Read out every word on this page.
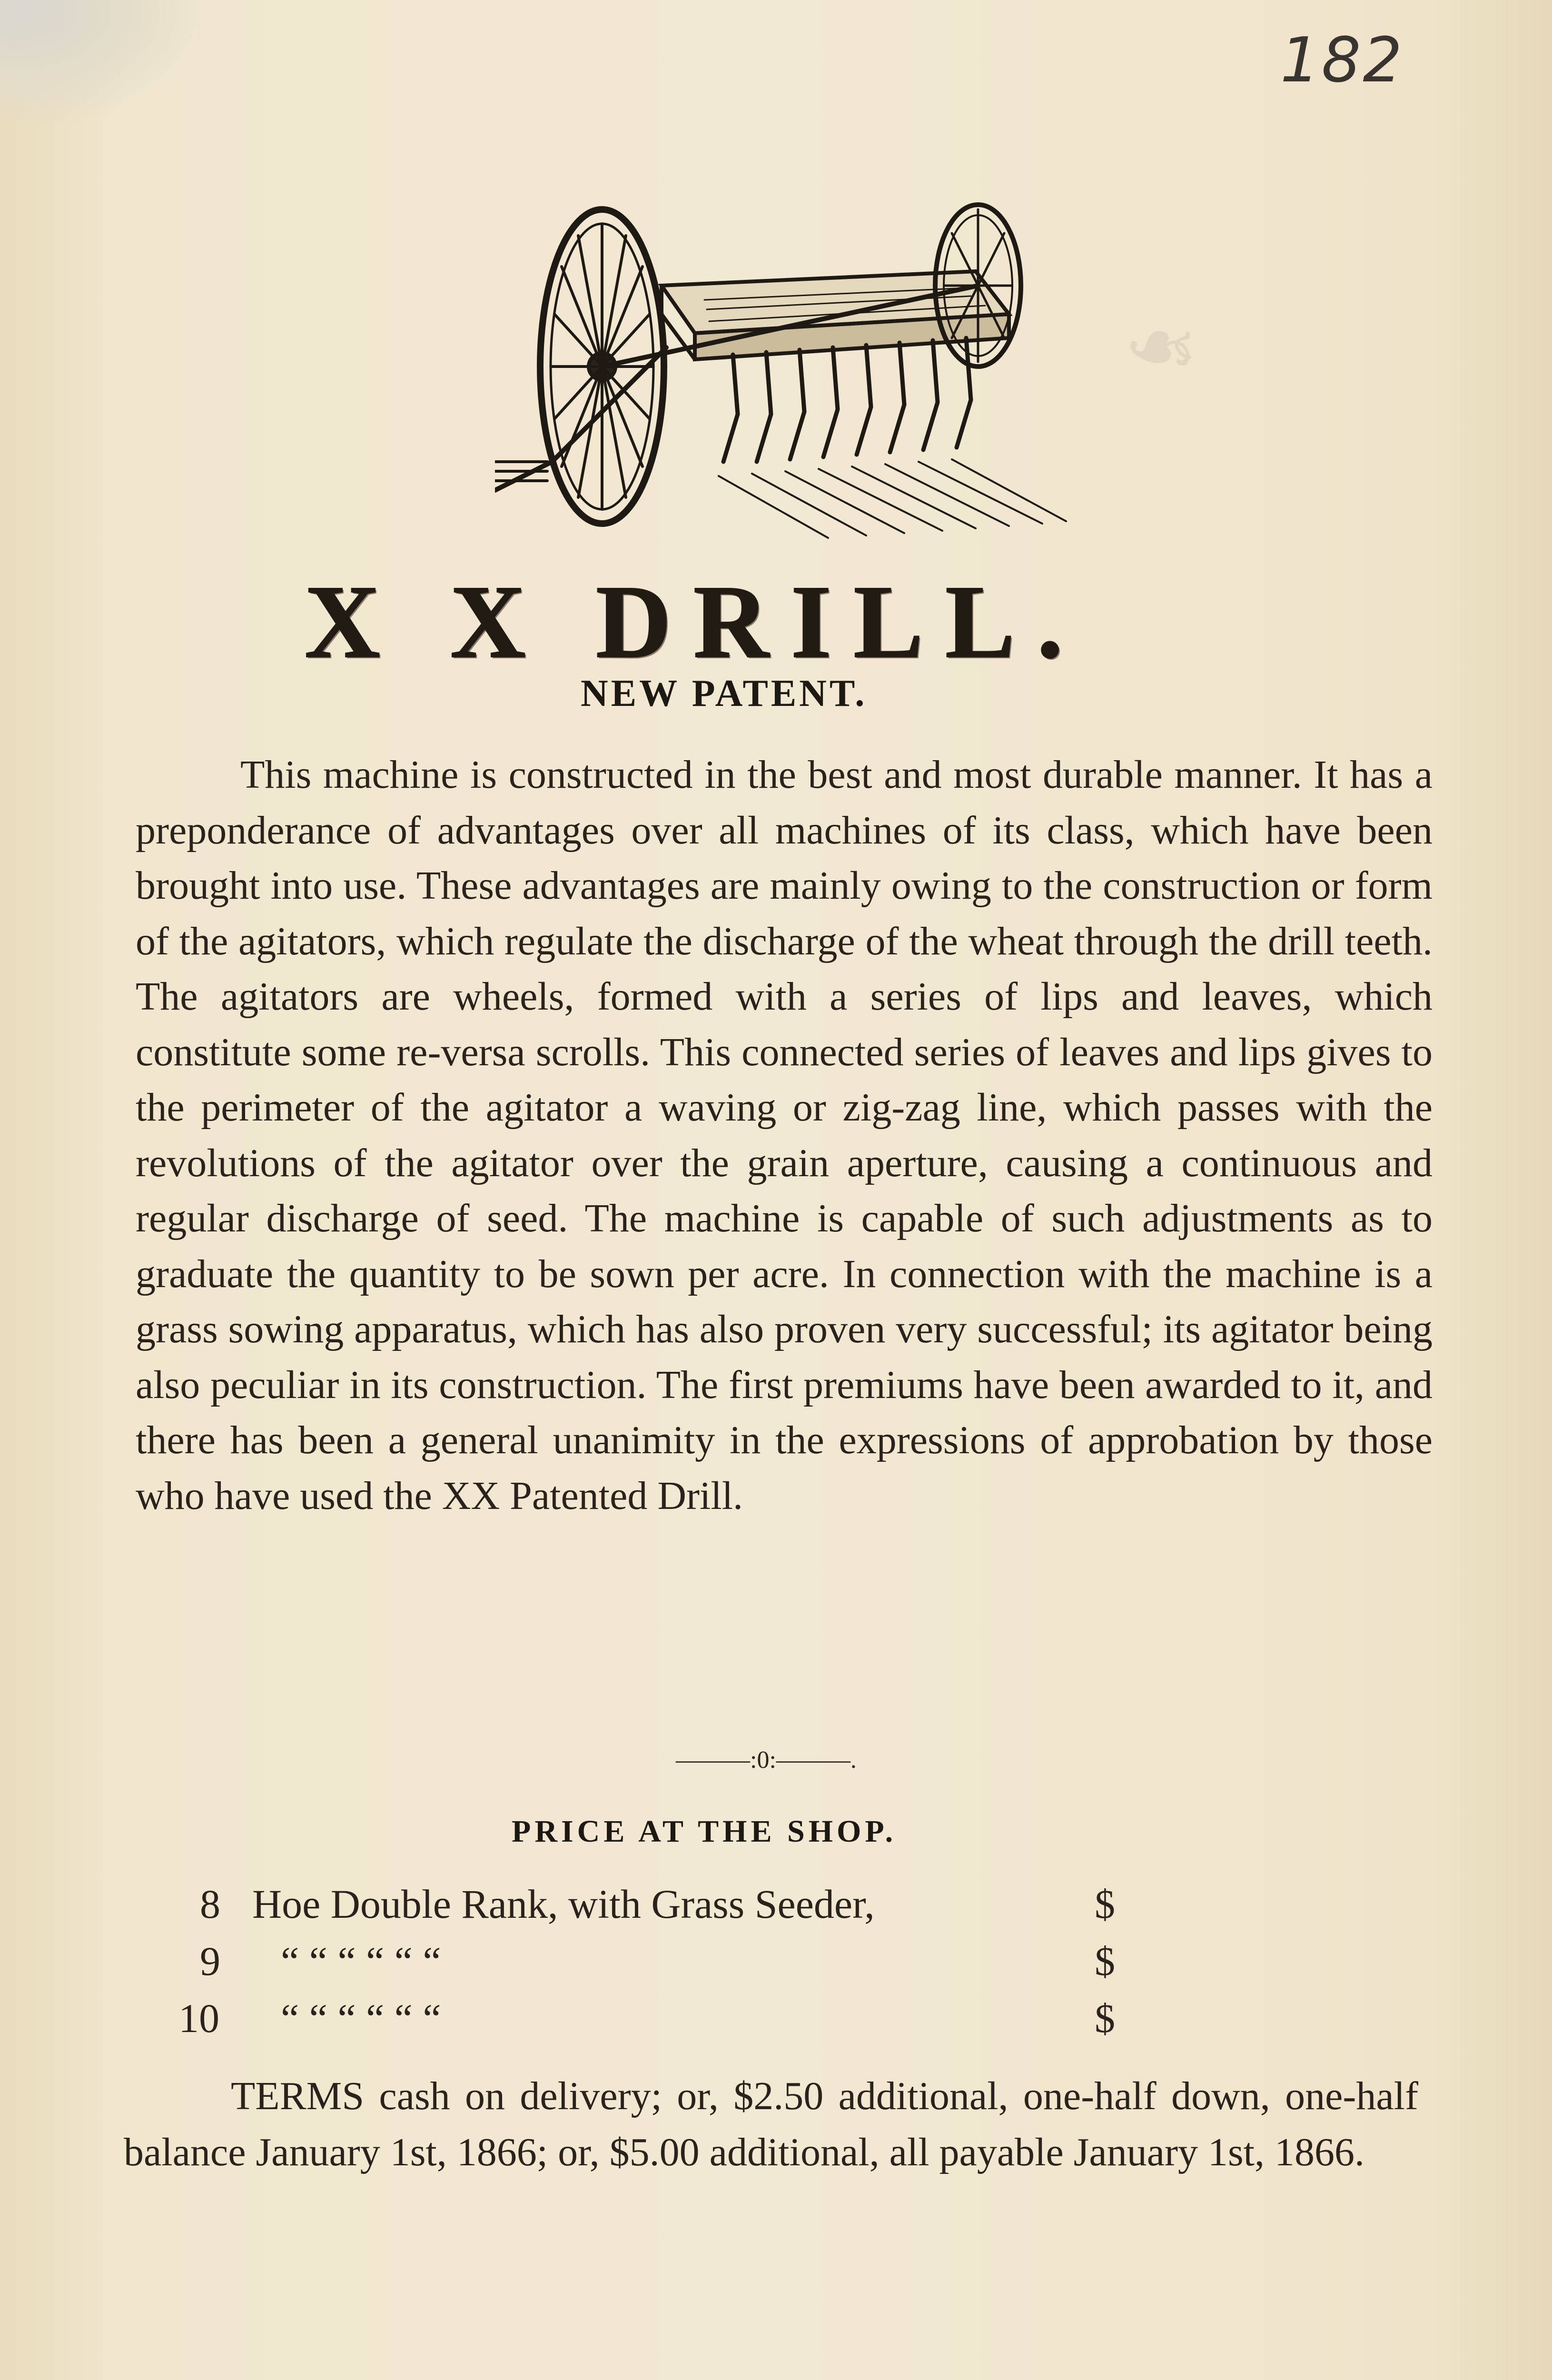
❧
182
X X DRILL.
NEW PATENT.

This machine is constructed in the best and most durable manner. It has a preponderance of advantages over all machines of its class, which have been brought into use. These advantages are mainly owing to the construction or form of the agitators, which regulate the discharge of the wheat through the drill teeth. The agitators are wheels, formed with a series of lips and leaves, which constitute some re-versa scrolls. This connected series of leaves and lips gives to the perimeter of the agitator a waving or zig-zag line, which passes with the revolutions of the agitator over the grain aperture, causing a continuous and regular discharge of seed. The machine is capable of such adjustments as to graduate the quantity to be sown per acre. In connection with the machine is a grass sowing apparatus, which has also proven very successful; its agitator being also peculiar in its construction. The first premiums have been awarded to it, and there has been a general unanimity in the expressions of approbation by those who have used the XX Patented Drill.

———:0:———.
PRICE AT THE SHOP.
8 Hoe Double Rank, with Grass Seeder,	$
9 “ “ “ “ “ “	$
10 “ “ “ “ “ “	$

TERMS cash on delivery; or, $2.50 additional, one-half down, one-half balance January 1st, 1866; or, $5.00 additional, all payable January 1st, 1866.
